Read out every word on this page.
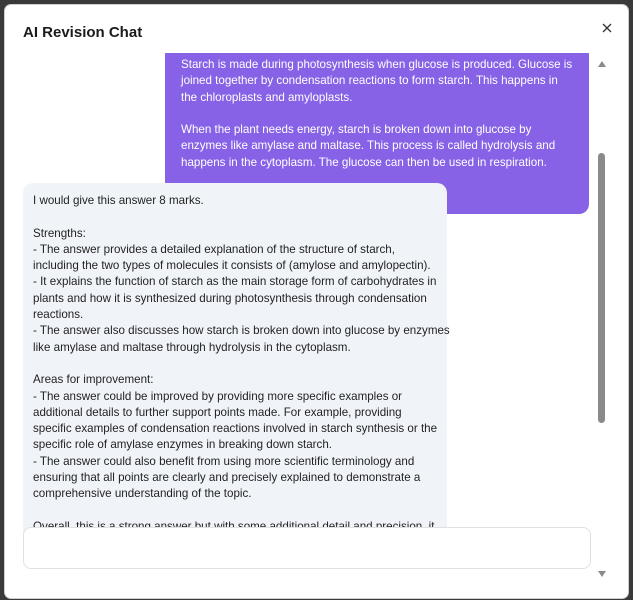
AI Revision Chat

Starch is made during photosynthesis when glucose is produced. Glucose is joined together by condensation reactions to form starch. This happens in the chloroplasts and amyloplasts.

When the plant needs energy, starch is broken down into glucose by enzymes like amylase and maltase. This process is called hydrolysis and happens in the cytoplasm. The glucose can then be used in respiration.

I would give this answer 8 marks.
Strengths:
- The answer provides a detailed explanation of the structure of starch,
including the two types of molecules it consists of (amylose and amylopectin).
- It explains the function of starch as the main storage form of carbohydrates in
plants and how it is synthesized during photosynthesis through condensation
reactions.
- The answer also discusses how starch is broken down into glucose by enzymes
like amylase and maltase through hydrolysis in the cytoplasm.
Areas for improvement:
- The answer could be improved by providing more specific examples or
additional details to further support points made. For example, providing
specific examples of condensation reactions involved in starch synthesis or the
specific role of amylase enzymes in breaking down starch.
- The answer could also benefit from using more scientific terminology and
ensuring that all points are clearly and precisely explained to demonstrate a
comprehensive understanding of the topic.
